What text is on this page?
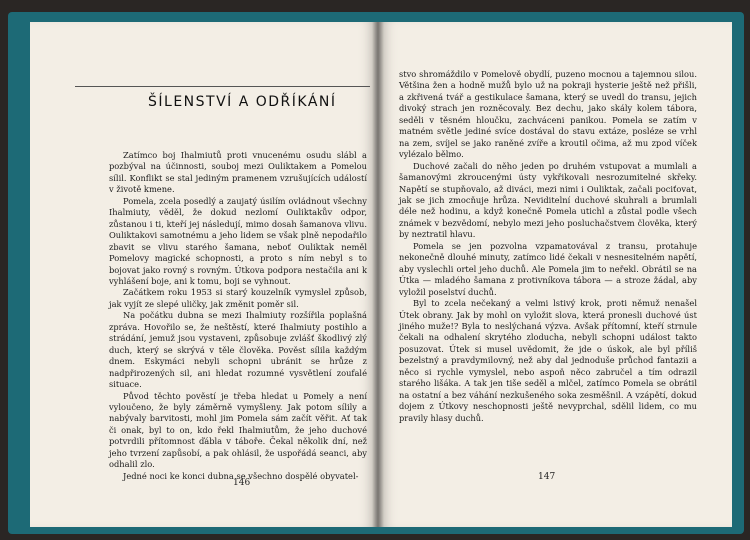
ŠÍLENSTVÍ A ODŘÍKÁNÍ

Zatímco boj Ihalmiutů proti vnucenému osudu slábl a pozbýval na účinnosti, souboj mezi Ouliktakem a Pomelou sílil. Konflikt se stal jediným pramenem vzrušujících událostí v životě kmene.

Pomela, zcela posedlý a zaujatý úsilím ovládnout všechny Ihalmiuty, věděl, že dokud nezlomí Ouliktakův odpor, zůstanou i ti, kteří jej následují, mimo dosah šamanova vlivu. Ouliktakovi samotnému a jeho lidem se však plně nepodařilo zbavit se vlivu starého šamana, neboť Ouliktak neměl Pomelovy magické schopnosti, a proto s ním nebyl s to bojovat jako rovný s rovným. Útkova podpora nestačila ani k vyhlášení boje, ani k tomu, boji se vyhnout.

Začátkem roku 1953 si starý kouzelník vymyslel způsob, jak vyjít ze slepé uličky, jak změnit poměr sil.

Na počátku dubna se mezi Ihalmiuty rozšířila poplašná zpráva. Hovořilo se, že neštěstí, které Ihalmiuty postihlo a strádání, jemuž jsou vystaveni, způsobuje zvlášť škodlivý zlý duch, který se skrývá v těle člověka. Pověst sílila každým dnem. Eskymáci nebyli schopni ubránit se hrůze z nadpřirozených sil, ani hledat rozumné vysvětlení zoufalé situace.

Původ těchto pověstí je třeba hledat u Pomely a není vyloučeno, že byly záměrně vymyšleny. Jak potom sílily a nabývaly barvitosti, mohl jim Pomela sám začít věřit. Ať tak či onak, byl to on, kdo řekl Ihalmiutům, že jeho duchové potvrdili přítomnost ďábla v táboře. Čekal několik dní, než jeho tvrzení zapůsobí, a pak ohlásil, že uspořádá seanci, aby odhalil zlo.

Jedné noci ke konci dubna se všechno dospělé obyvatel-

146

stvo shromáždilo v Pomelově obydlí, puzeno mocnou a tajemnou silou. Většina žen a hodně mužů bylo už na pokraji hysterie ještě než přišli, a zkřivená tvář a gestikulace šamana, který se uvedl do transu, jejich divoký strach jen rozněcovaly. Bez dechu, jako skály kolem tábora, seděli v těsném hloučku, zachváceni panikou. Pomela se zatím v matném světle jediné svíce dostával do stavu extáze, posléze se vrhl na zem, svíjel se jako raněné zvíře a kroutil očima, až mu zpod víček vylézalo bělmo.

Duchové začali do něho jeden po druhém vstupovat a mumlali a šamanovými zkroucenými ústy vykřikovali nesrozumitelné skřeky. Napětí se stupňovalo, až diváci, mezi nimi i Ouliktak, začali pociťovat, jak se jich zmocňuje hrůza. Neviditelní duchové skuhrali a brumlali déle než hodinu, a když konečně Pomela utichl a zůstal podle všech známek v bezvědomí, nebylo mezi jeho posluchačstvem člověka, který by neztratil hlavu.

Pomela se jen pozvolna vzpamatovával z transu, protahuje nekonečně dlouhé minuty, zatímco lidé čekali v nesnesitelném napětí, aby vyslechli ortel jeho duchů. Ale Pomela jim to neřekl. Obrátil se na Útka — mladého šamana z protivníkova tábora — a stroze žádal, aby vyložil poselství duchů.

Byl to zcela nečekaný a velmi lstivý krok, proti němuž nenašel Útek obrany. Jak by mohl on vyložit slova, která pronesli duchové úst jiného muže!? Byla to neslýchaná výzva. Avšak přítomní, kteří strnule čekali na odhalení skrytého zloducha, nebyli schopni událost takto posuzovat. Útek si musel uvědomit, že jde o úskok, ale byl příliš bezelstný a pravdymilovný, než aby dal jednoduše průchod fantazii a něco si rychle vymyslel, nebo aspoň něco zabručel a tím odrazil starého lišáka. A tak jen tiše seděl a mlčel, zatímco Pomela se obrátil na ostatní a bez váhání nezkušeného soka zesměšnil. A vzápětí, dokud dojem z Útkovy neschopnosti ještě nevyprchal, sdělil lidem, co mu pravily hlasy duchů.

147
